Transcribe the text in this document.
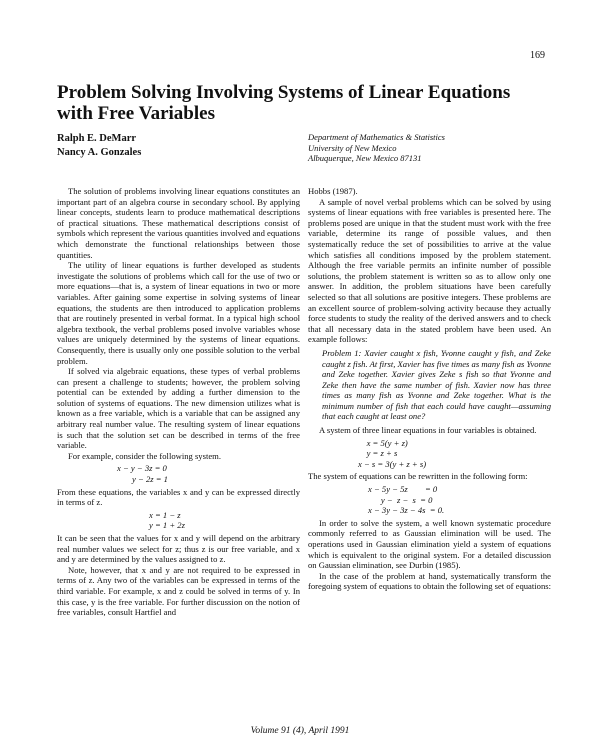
169
Problem Solving Involving Systems of Linear Equations with Free Variables
Ralph E. DeMarr
Nancy A. Gonzales
Department of Mathematics & Statistics
University of New Mexico
Albuquerque, New Mexico 87131

The solution of problems involving linear equations constitutes an important part of an algebra course in secondary school. By applying linear concepts, students learn to produce mathematical descriptions of practical situations. These mathematical descriptions consist of symbols which represent the various quantities involved and equations which demonstrate the functional relationships between those quantities.

The utility of linear equations is further developed as students investigate the solutions of problems which call for the use of two or more equations—that is, a system of linear equations in two or more variables. After gaining some expertise in solving systems of linear equations, the students are then introduced to application problems that are routinely presented in verbal format. In a typical high school algebra textbook, the verbal problems posed involve variables whose values are uniquely determined by the systems of linear equations. Consequently, there is usually only one possible solution to the verbal problem.

If solved via algebraic equations, these types of verbal problems can present a challenge to students; however, the problem solving potential can be extended by adding a further dimension to the solution of systems of equations. The new dimension utilizes what is known as a free variable, which is a variable that can be assigned any arbitrary real number value. The resulting system of linear equations is such that the solution set can be described in terms of the free variable.

For example, consider the following system.

x − y − 3z = 0
y − 2z = 1

From these equations, the variables x and y can be expressed directly in terms of z.

x = 1 − z
y = 1 + 2z

It can be seen that the values for x and y will depend on the arbitrary real number values we select for z; thus z is our free variable, and x and y are determined by the values assigned to z.

Note, however, that x and y are not required to be expressed in terms of z. Any two of the variables can be expressed in terms of the third variable. For example, x and z could be solved in terms of y. In this case, y is the free variable. For further discussion on the notion of free variables, consult Hartfiel and

Hobbs (1987).

A sample of novel verbal problems which can be solved by using systems of linear equations with free variables is presented here. The problems posed are unique in that the student must work with the free variable, determine its range of possible values, and then systematically reduce the set of possibilities to arrive at the value which satisfies all conditions imposed by the problem statement. Although the free variable permits an infinite number of possible solutions, the problem statement is written so as to allow only one answer. In addition, the problem situations have been carefully selected so that all solutions are positive integers. These problems are an excellent source of problem-solving activity because they actually force students to study the reality of the derived answers and to check that all necessary data in the stated problem have been used. An example follows:

Problem 1: Xavier caught x fish, Yvonne caught y fish, and Zeke caught z fish. At first, Xavier has five times as many fish as Yvonne and Zeke together. Xavier gives Zeke s fish so that Yvonne and Zeke then have the same number of fish. Xavier now has three times as many fish as Yvonne and Zeke together. What is the minimum number of fish that each could have caught—assuming that each caught at least one?

A system of three linear equations in four variables is obtained.

x = 5(y + z)
y = z + s
x − s = 3(y + z + s)

The system of equations can be rewritten in the following form:

x − 5y − 5z        = 0
y −  z −  s  = 0
x − 3y − 3z − 4s  = 0.

In order to solve the system, a well known systematic procedure commonly referred to as Gaussian elimination will be used. The operations used in Gaussian elimination yield a system of equations which is equivalent to the original system. For a detailed discussion on Gaussian elimination, see Durbin (1985).

In the case of the problem at hand, systematically transform the foregoing system of equations to obtain the following set of equations:

Volume 91 (4), April 1991
